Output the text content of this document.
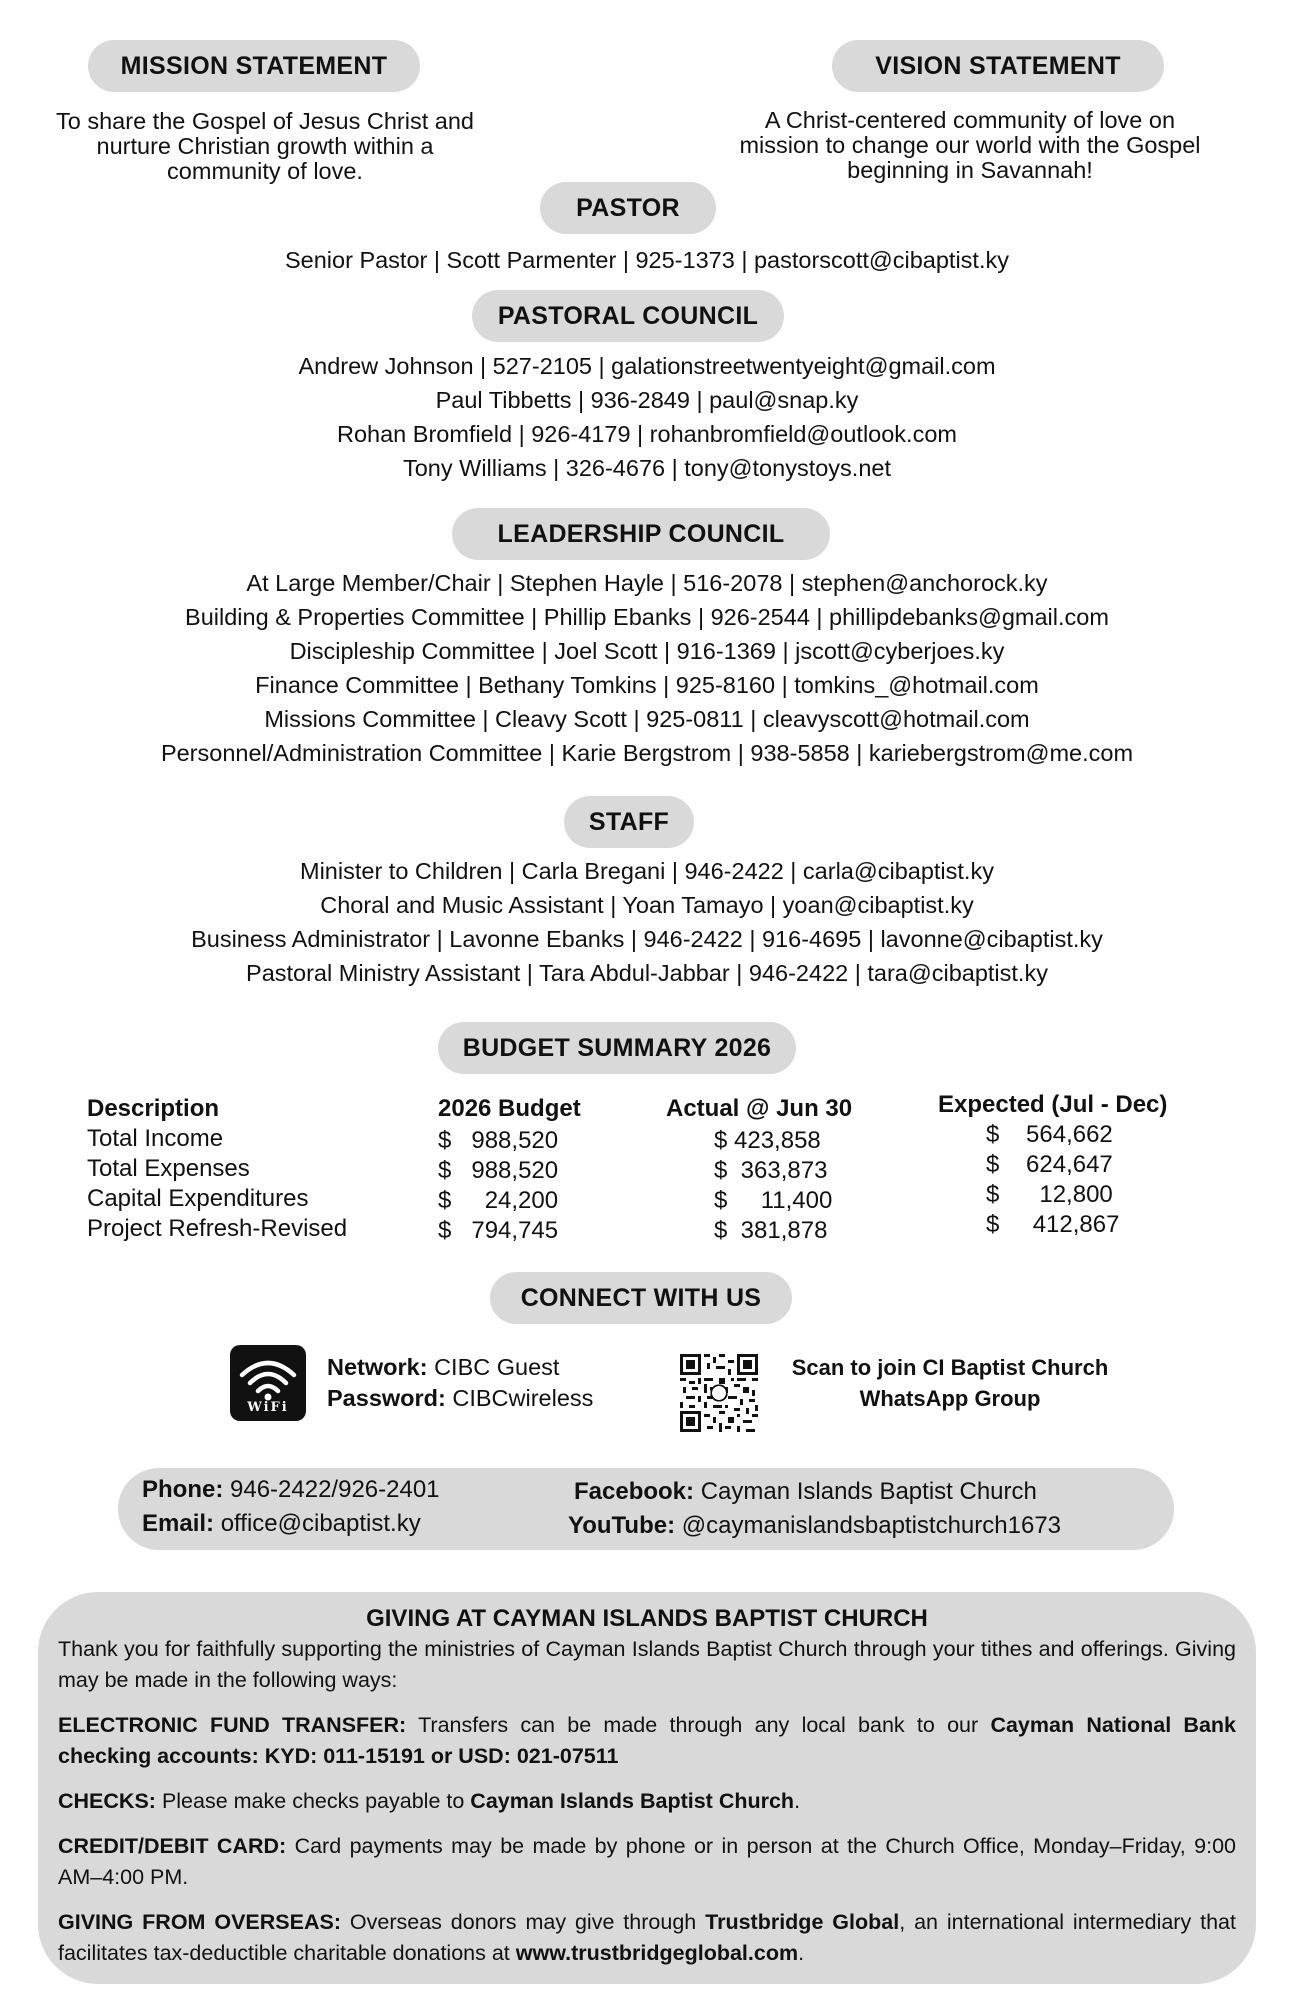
MISSION STATEMENT
To share the Gospel of Jesus Christ and
nurture Christian growth within a
community of love.
VISION STATEMENT
A Christ-centered community of love on
mission to change our world with the Gospel
beginning in Savannah!
PASTOR
Senior Pastor | Scott Parmenter | 925-1373 | pastorscott@cibaptist.ky
PASTORAL COUNCIL
Andrew Johnson | 527-2105 | galationstreetwentyeight@gmail.com
Paul Tibbetts | 936-2849 | paul@snap.ky
Rohan Bromfield | 926-4179 | rohanbromfield@outlook.com
Tony Williams | 326-4676 | tony@tonystoys.net
LEADERSHIP COUNCIL
At Large Member/Chair | Stephen Hayle | 516-2078 | stephen@anchorock.ky
Building & Properties Committee | Phillip Ebanks | 926-2544 | phillipdebanks@gmail.com
Discipleship Committee | Joel Scott | 916-1369 | jscott@cyberjoes.ky
Finance Committee | Bethany Tomkins | 925-8160 | tomkins_@hotmail.com
Missions Committee | Cleavy Scott | 925-0811 | cleavyscott@hotmail.com
Personnel/Administration Committee | Karie Bergstrom | 938-5858 | kariebergstrom@me.com
STAFF
Minister to Children | Carla Bregani | 946-2422 | carla@cibaptist.ky
Choral and Music Assistant | Yoan Tamayo | yoan@cibaptist.ky
Business Administrator | Lavonne Ebanks | 946-2422 | 916-4695 | lavonne@cibaptist.ky
Pastoral Ministry Assistant | Tara Abdul-Jabbar | 946-2422 | tara@cibaptist.ky
BUDGET SUMMARY 2026
Description
Total Income
Total Expenses
Capital Expenditures
Project Refresh-Revised
2026 Budget
$   988,520
$   988,520
$     24,200
$   794,745
Actual @ Jun 30
$ 423,858
$  363,873
$     11,400
$  381,878
Expected (Jul - Dec)
$    564,662
$    624,647
$      12,800
$     412,867
CONNECT WITH US
WiFi
Network: CIBC Guest
Password: CIBCwireless
Scan to join CI Baptist Church
WhatsApp Group
Phone: 946-2422/926-2401
Email: office@cibaptist.ky
Facebook: Cayman Islands Baptist Church
YouTube: @caymanislandsbaptistchurch1673

GIVING AT CAYMAN ISLANDS BAPTIST CHURCH

Thank you for faithfully supporting the ministries of Cayman Islands Baptist Church through your tithes and offerings. Giving may be made in the following ways:

ELECTRONIC FUND TRANSFER: Transfers can be made through any local bank to our Cayman National Bank checking accounts: KYD: 011-15191 or USD: 021-07511

CHECKS: Please make checks payable to Cayman Islands Baptist Church.

CREDIT/DEBIT CARD: Card payments may be made by phone or in person at the Church Office, Monday–Friday, 9:00 AM–4:00 PM.

GIVING FROM OVERSEAS: Overseas donors may give through Trustbridge Global, an international intermediary that facilitates tax-deductible charitable donations at www.trustbridgeglobal.com.
